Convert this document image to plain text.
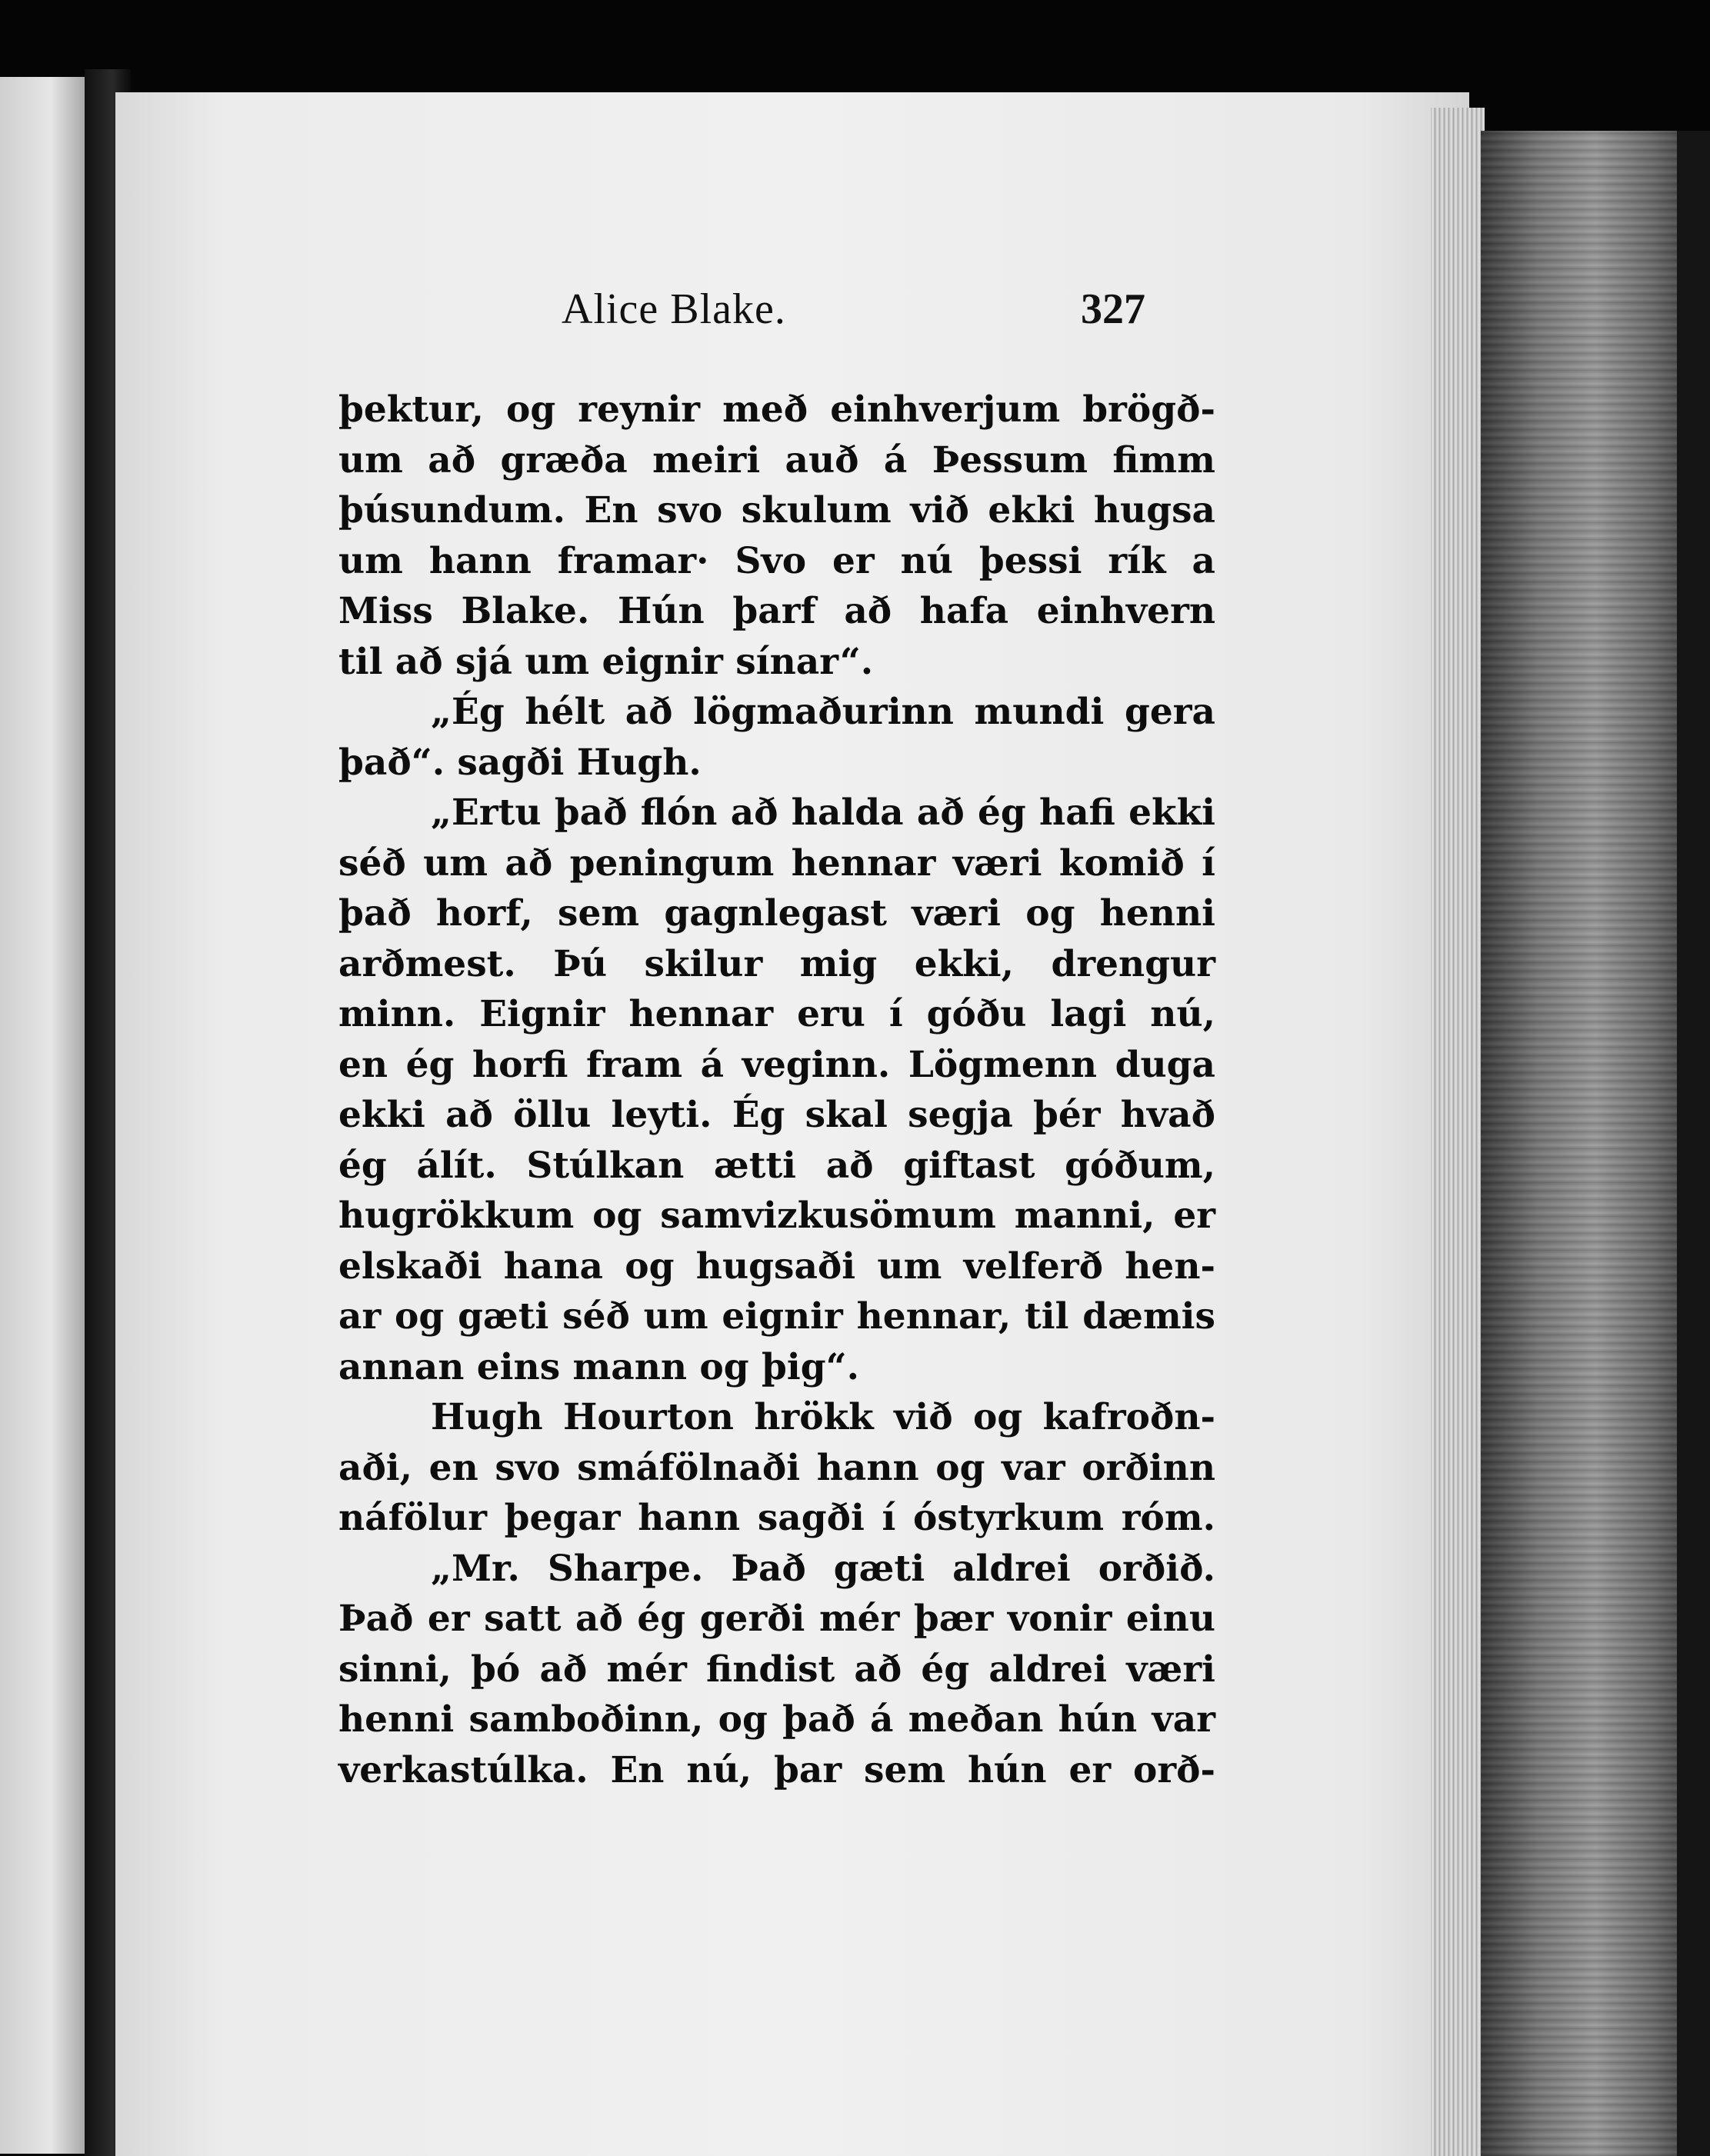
Alice Blake.	327
þektur, og reynir með einhverjum brögð-
um að græða meiri auð á Þessum fimm
þúsundum. En svo skulum við ekki hugsa
um hann framar· Svo er nú þessi rík a
Miss Blake. Hún þarf að hafa einhvern
til að sjá um eignir sínar“.
„Ég hélt að lögmaðurinn mundi gera
það“. sagði Hugh.
„Ertu það flón að halda að ég hafi ekki
séð um að peningum hennar væri komið í
það horf, sem gagnlegast væri og henni
arðmest. Þú skilur mig ekki, drengur
minn. Eignir hennar eru í góðu lagi nú,
en ég horfi fram á veginn. Lögmenn duga
ekki að öllu leyti. Ég skal segja þér hvað
ég álít. Stúlkan ætti að giftast góðum,
hugrökkum og samvizkusömum manni, er
elskaði hana og hugsaði um velferð hen-
ar og gæti séð um eignir hennar, til dæmis
annan eins mann og þig“.
Hugh Hourton hrökk við og kafroðn-
aði, en svo smáfölnaði hann og var orðinn
náfölur þegar hann sagði í óstyrkum róm.
„Mr. Sharpe. Það gæti aldrei orðið.
Það er satt að ég gerði mér þær vonir einu
sinni, þó að mér findist að ég aldrei væri
henni samboðinn, og það á meðan hún var
verkastúlka. En nú, þar sem hún er orð-
